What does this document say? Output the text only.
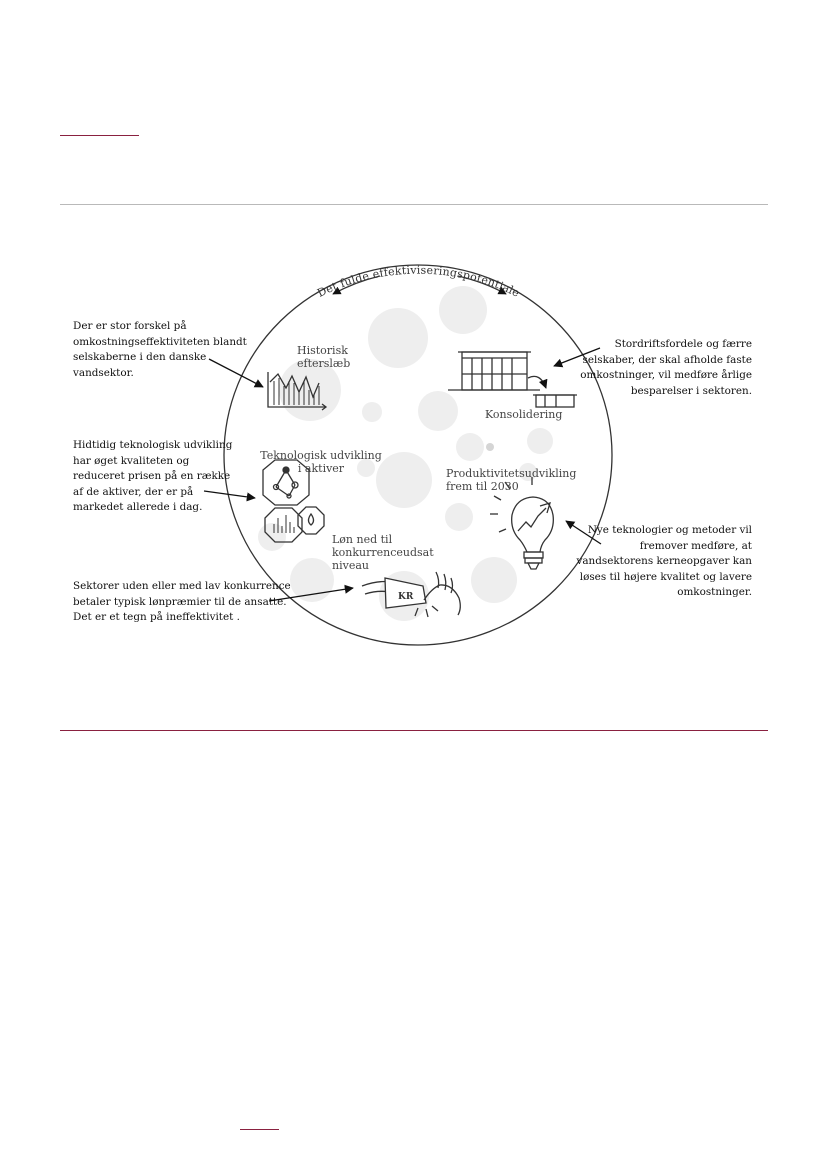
Det fulde effektiviseringspotentiale
KR

Historisk
efterslæb

Konsolidering

Teknologisk udvikling
i aktiver	Produktivitetsudvikling
frem til 2030

Løn ned til
konkurrenceudsat
niveau

Der er stor forskel på
omkostningseffektiviteten blandt
selskaberne i den danske
vandsektor.

Stordriftsfordele og færre
selskaber, der skal afholde faste
omkostninger, vil medføre årlige
besparelser i sektoren.

Hidtidig teknologisk udvikling
har øget kvaliteten og
reduceret prisen på en række
af de aktiver, der er på
markedet allerede i dag.

Nye teknologier og metoder vil
fremover medføre, at
vandsektorens kerneopgaver kan
løses til højere kvalitet og lavere
omkostninger.

Sektorer uden eller med lav konkurrence
betaler typisk lønpræmier til de ansatte.
Det er et tegn på ineffektivitet .
